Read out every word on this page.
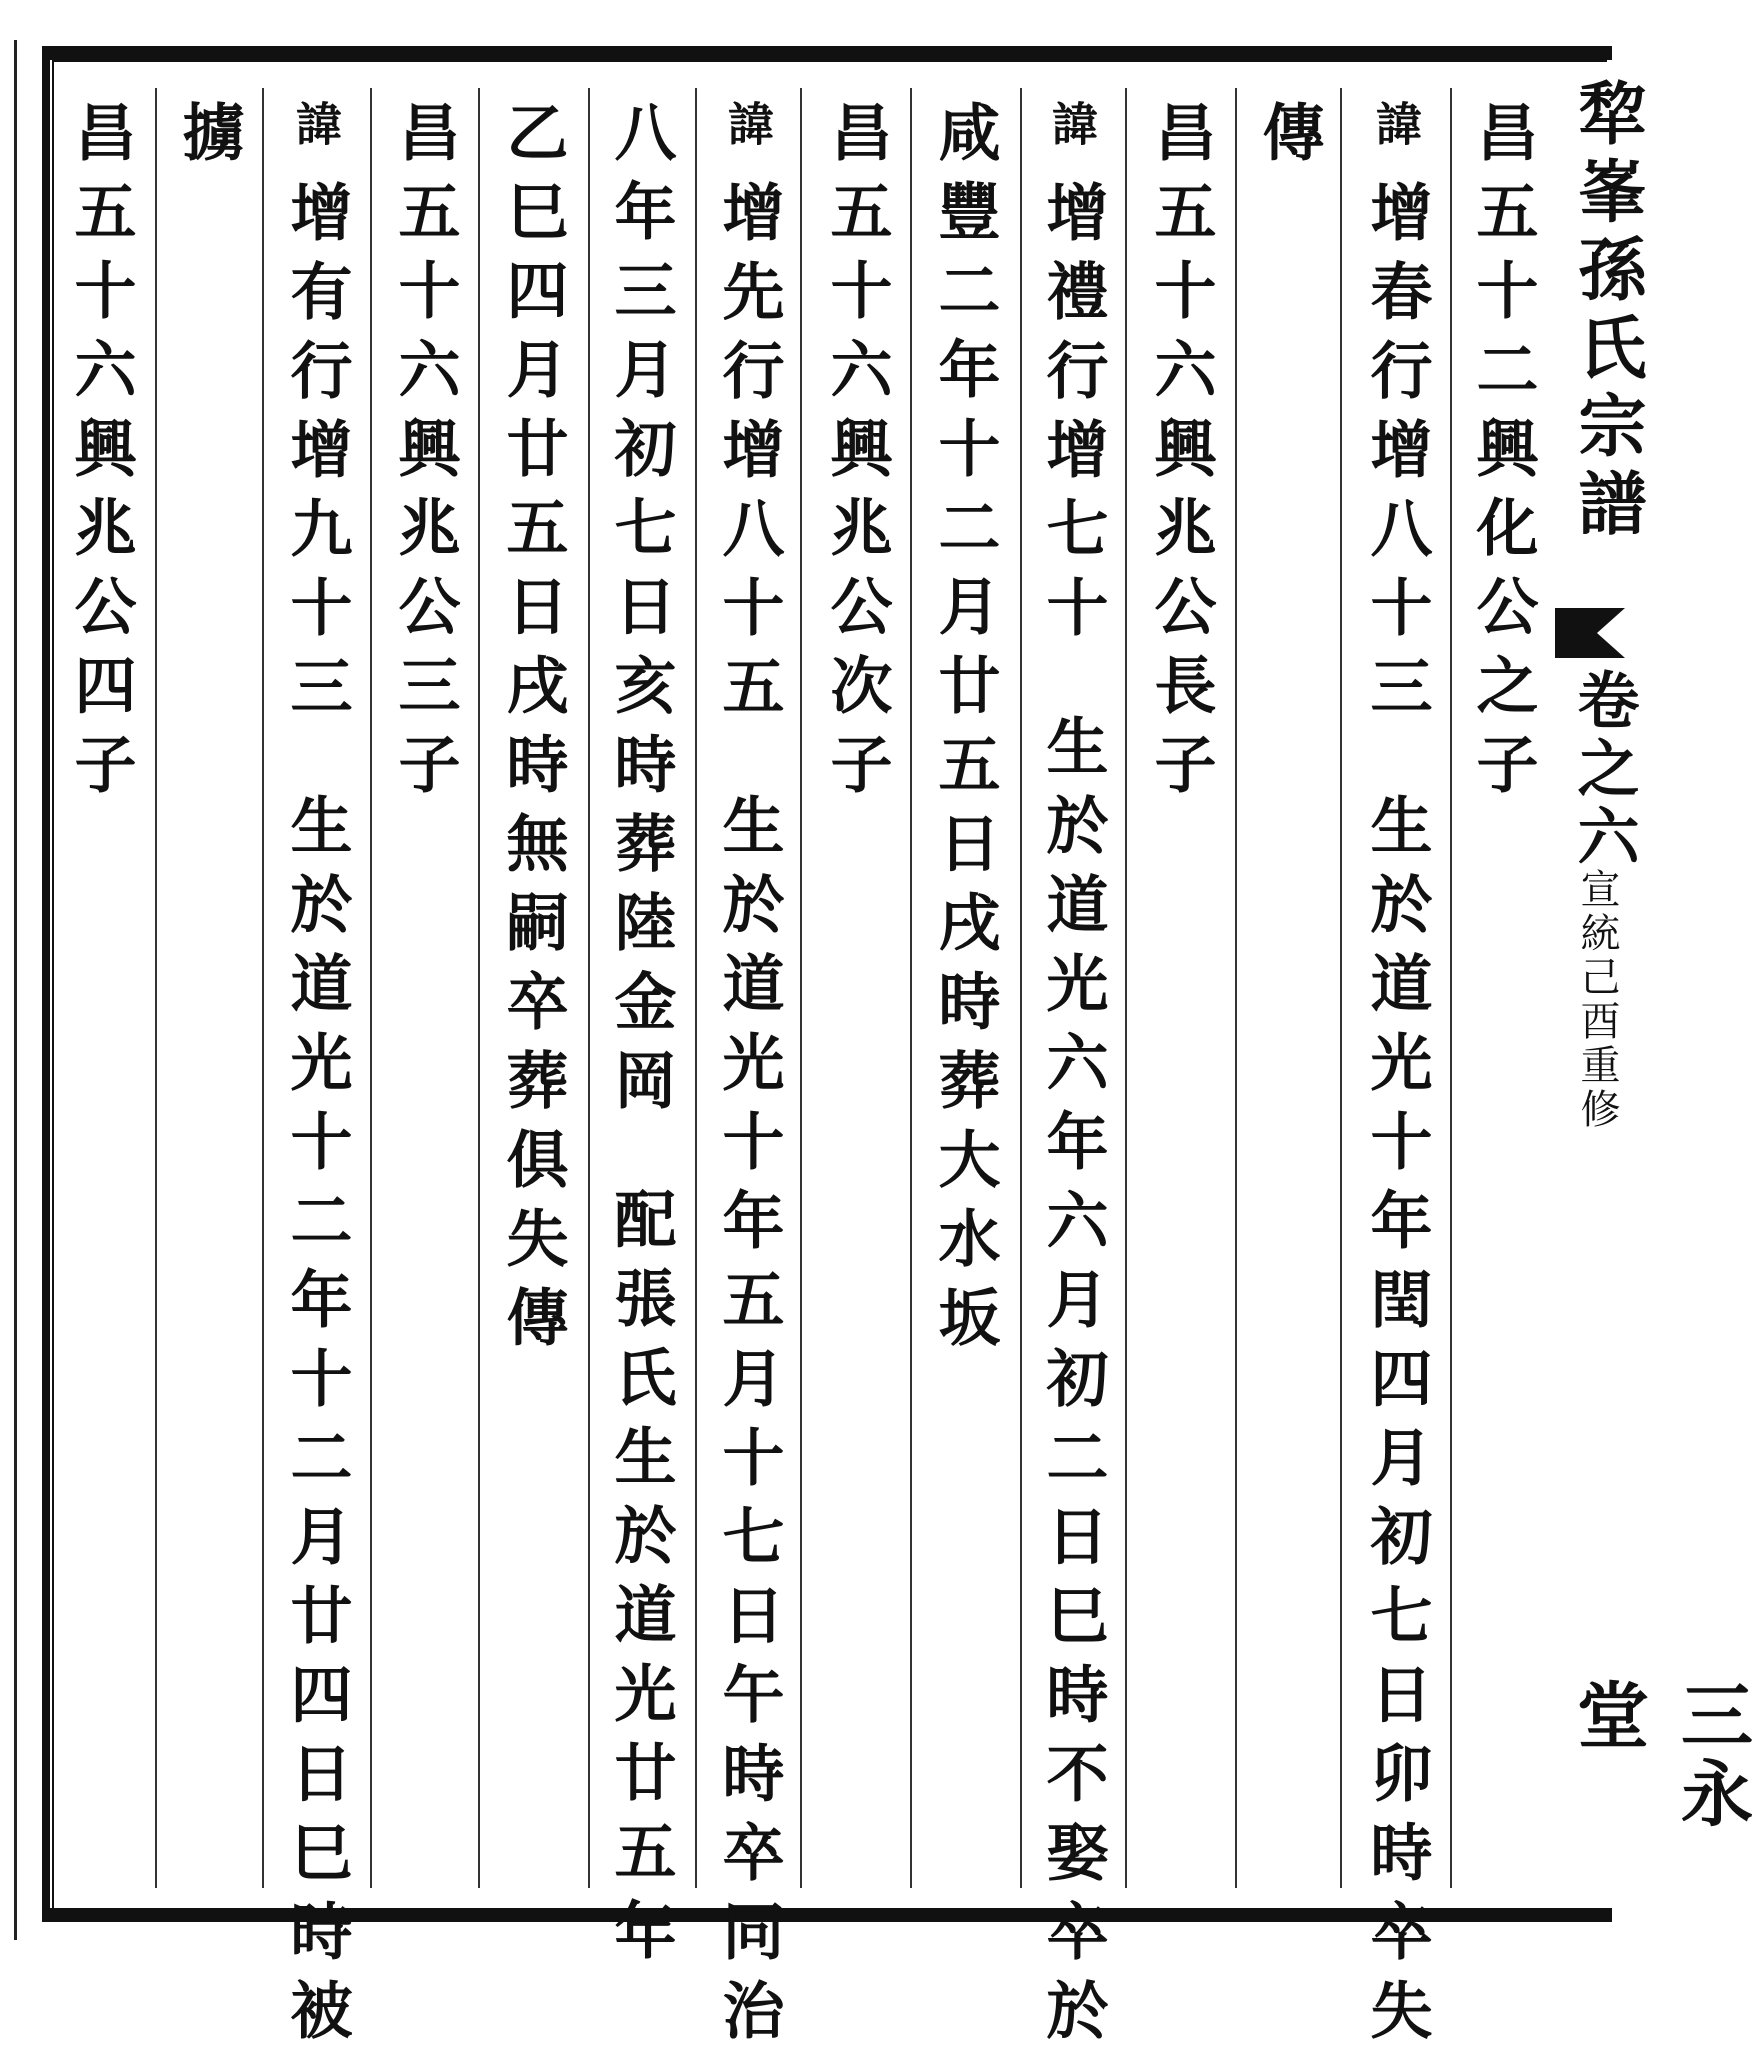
昌五十二興化公之子
諱
增春行增八十三
生於道光十年閏四月初七日卯時卒失
傳
昌五十六興兆公長子
諱
增禮行增七十
生於道光六年六月初二日巳時不娶卒於
咸豐二年十二月廿五日戌時葬大水坂
昌五十六興兆公次子
諱
增先行增八十五
生於道光十年五月十七日午時卒同治
八年三月初七日亥時葬陸金岡
配張氏生於道光廿五年
乙巳四月廿五日戌時無嗣卒葬俱失傳
昌五十六興兆公三子
諱
增有行增九十三
生於道光十二年十二月廿四日巳時被
擄
昌五十六興兆公四子	犂峯孫氏宗譜
卷之六
宣統己酉重修
三永堂
